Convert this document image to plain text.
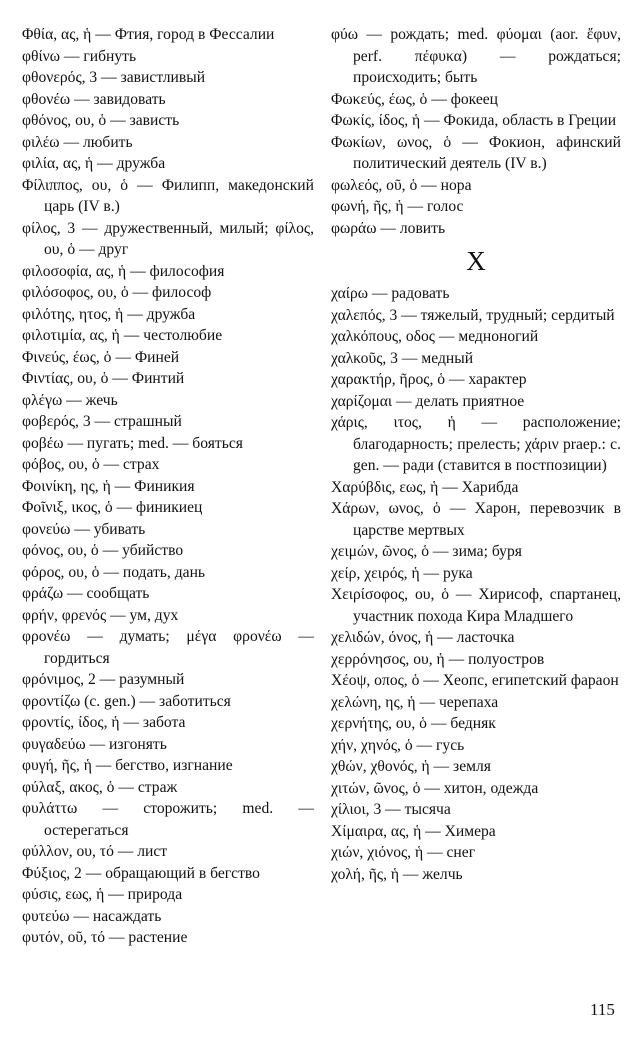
Φθία, ας, ἡ — Фтия, город в Фессалии
φθίνω — гибнуть
φθονερός, 3 — завистливый
φθονέω — завидовать
φθόνος, ου, ὁ — зависть
φιλέω — любить
φιλία, ας, ἡ — дружба
Φίλιππος, ου, ὁ — Филипп, македонский царь (IV в.)
φίλος, 3 — дружественный, милый; φίλος, ου, ὁ — друг
φιλοσοφία, ας, ἡ — философия
φιλόσοφος, ου, ὁ — философ
φιλότης, ητος, ἡ — дружба
φιλοτιμία, ας, ἡ — честолюбие
Φινεύς, έως, ὁ — Финей
Φιντίας, ου, ὁ — Финтий
φλέγω — жечь
φοβερός, 3 — страшный
φοβέω — пугать; med. — бояться
φόβος, ου, ὁ — страх
Φοινίκη, ης, ἡ — Финикия
Φοῖνιξ, ικος, ὁ — финикиец
φονεύω — убивать
φόνος, ου, ὁ — убийство
φόρος, ου, ὁ — подать, дань
φράζω — сообщать
φρήν, φρενός — ум, дух
φρονέω — думать; μέγα φρονέω — гордиться
φρόνιμος, 2 — разумный
φροντίζω (c. gen.) — заботиться
φροντίς, ίδος, ἡ — забота
φυγαδεύω — изгонять
φυγή, ῆς, ἡ — бегство, изгнание
φύλαξ, ακος, ὁ — страж
φυλάττω — сторожить; med. — остерегаться
φύλλον, ου, τό — лист
Φύξιος, 2 — обращающий в бегство
φύσις, εως, ἡ — природа
φυτεύω — насаждать
φυτόν, οῦ, τό — растение
φύω — рождать; med. φύομαι (aor. ἔφυν, perf. πέφυκα) — рождаться; происходить; быть
Φωκεύς, έως, ὁ — фокеец
Φωκίς, ίδος, ἡ — Фокида, область в Греции
Φωκίων, ωνος, ὁ — Фокион, афинский политический деятель (IV в.)
φωλεός, οῦ, ὁ — нора
φωνή, ῆς, ἡ — голос
φωράω — ловить
Χ
χαίρω — радовать
χαλεπός, 3 — тяжелый, трудный; сердитый
χαλκόπους, οδος — медноногий
χαλκοῦς, 3 — медный
χαρακτήρ, ῆρος, ὁ — характер
χαρίζομαι — делать приятное
χάρις, ιτος, ἡ — расположение; благодарность; прелесть; χάριν praep.: c. gen. — ради (ставится в постпозиции)
Χαρύβδις, εως, ἡ — Харибда
Χάρων, ωνος, ὁ — Харон, перевозчик в царстве мертвых
χειμών, ῶνος, ὁ — зима; буря
χείρ, χειρός, ἡ — рука
Χειρίσοφος, ου, ὁ — Хирисоф, спартанец, участник похода Кира Младшего
χελιδών, όνος, ἡ — ласточка
χερρόνησος, ου, ἡ — полуостров
Χέοψ, οπος, ὁ — Хеопс, египетский фараон
χελώνη, ης, ἡ — черепаха
χερνήτης, ου, ὁ — бедняк
χήν, χηνός, ὁ — гусь
χθών, χθονός, ἡ — земля
χιτών, ῶνος, ὁ — хитон, одежда
χίλιοι, 3 — тысяча
Χίμαιρα, ας, ἡ — Химера
χιών, χιόνος, ἡ — снег
χολή, ῆς, ἡ — желчь
115
